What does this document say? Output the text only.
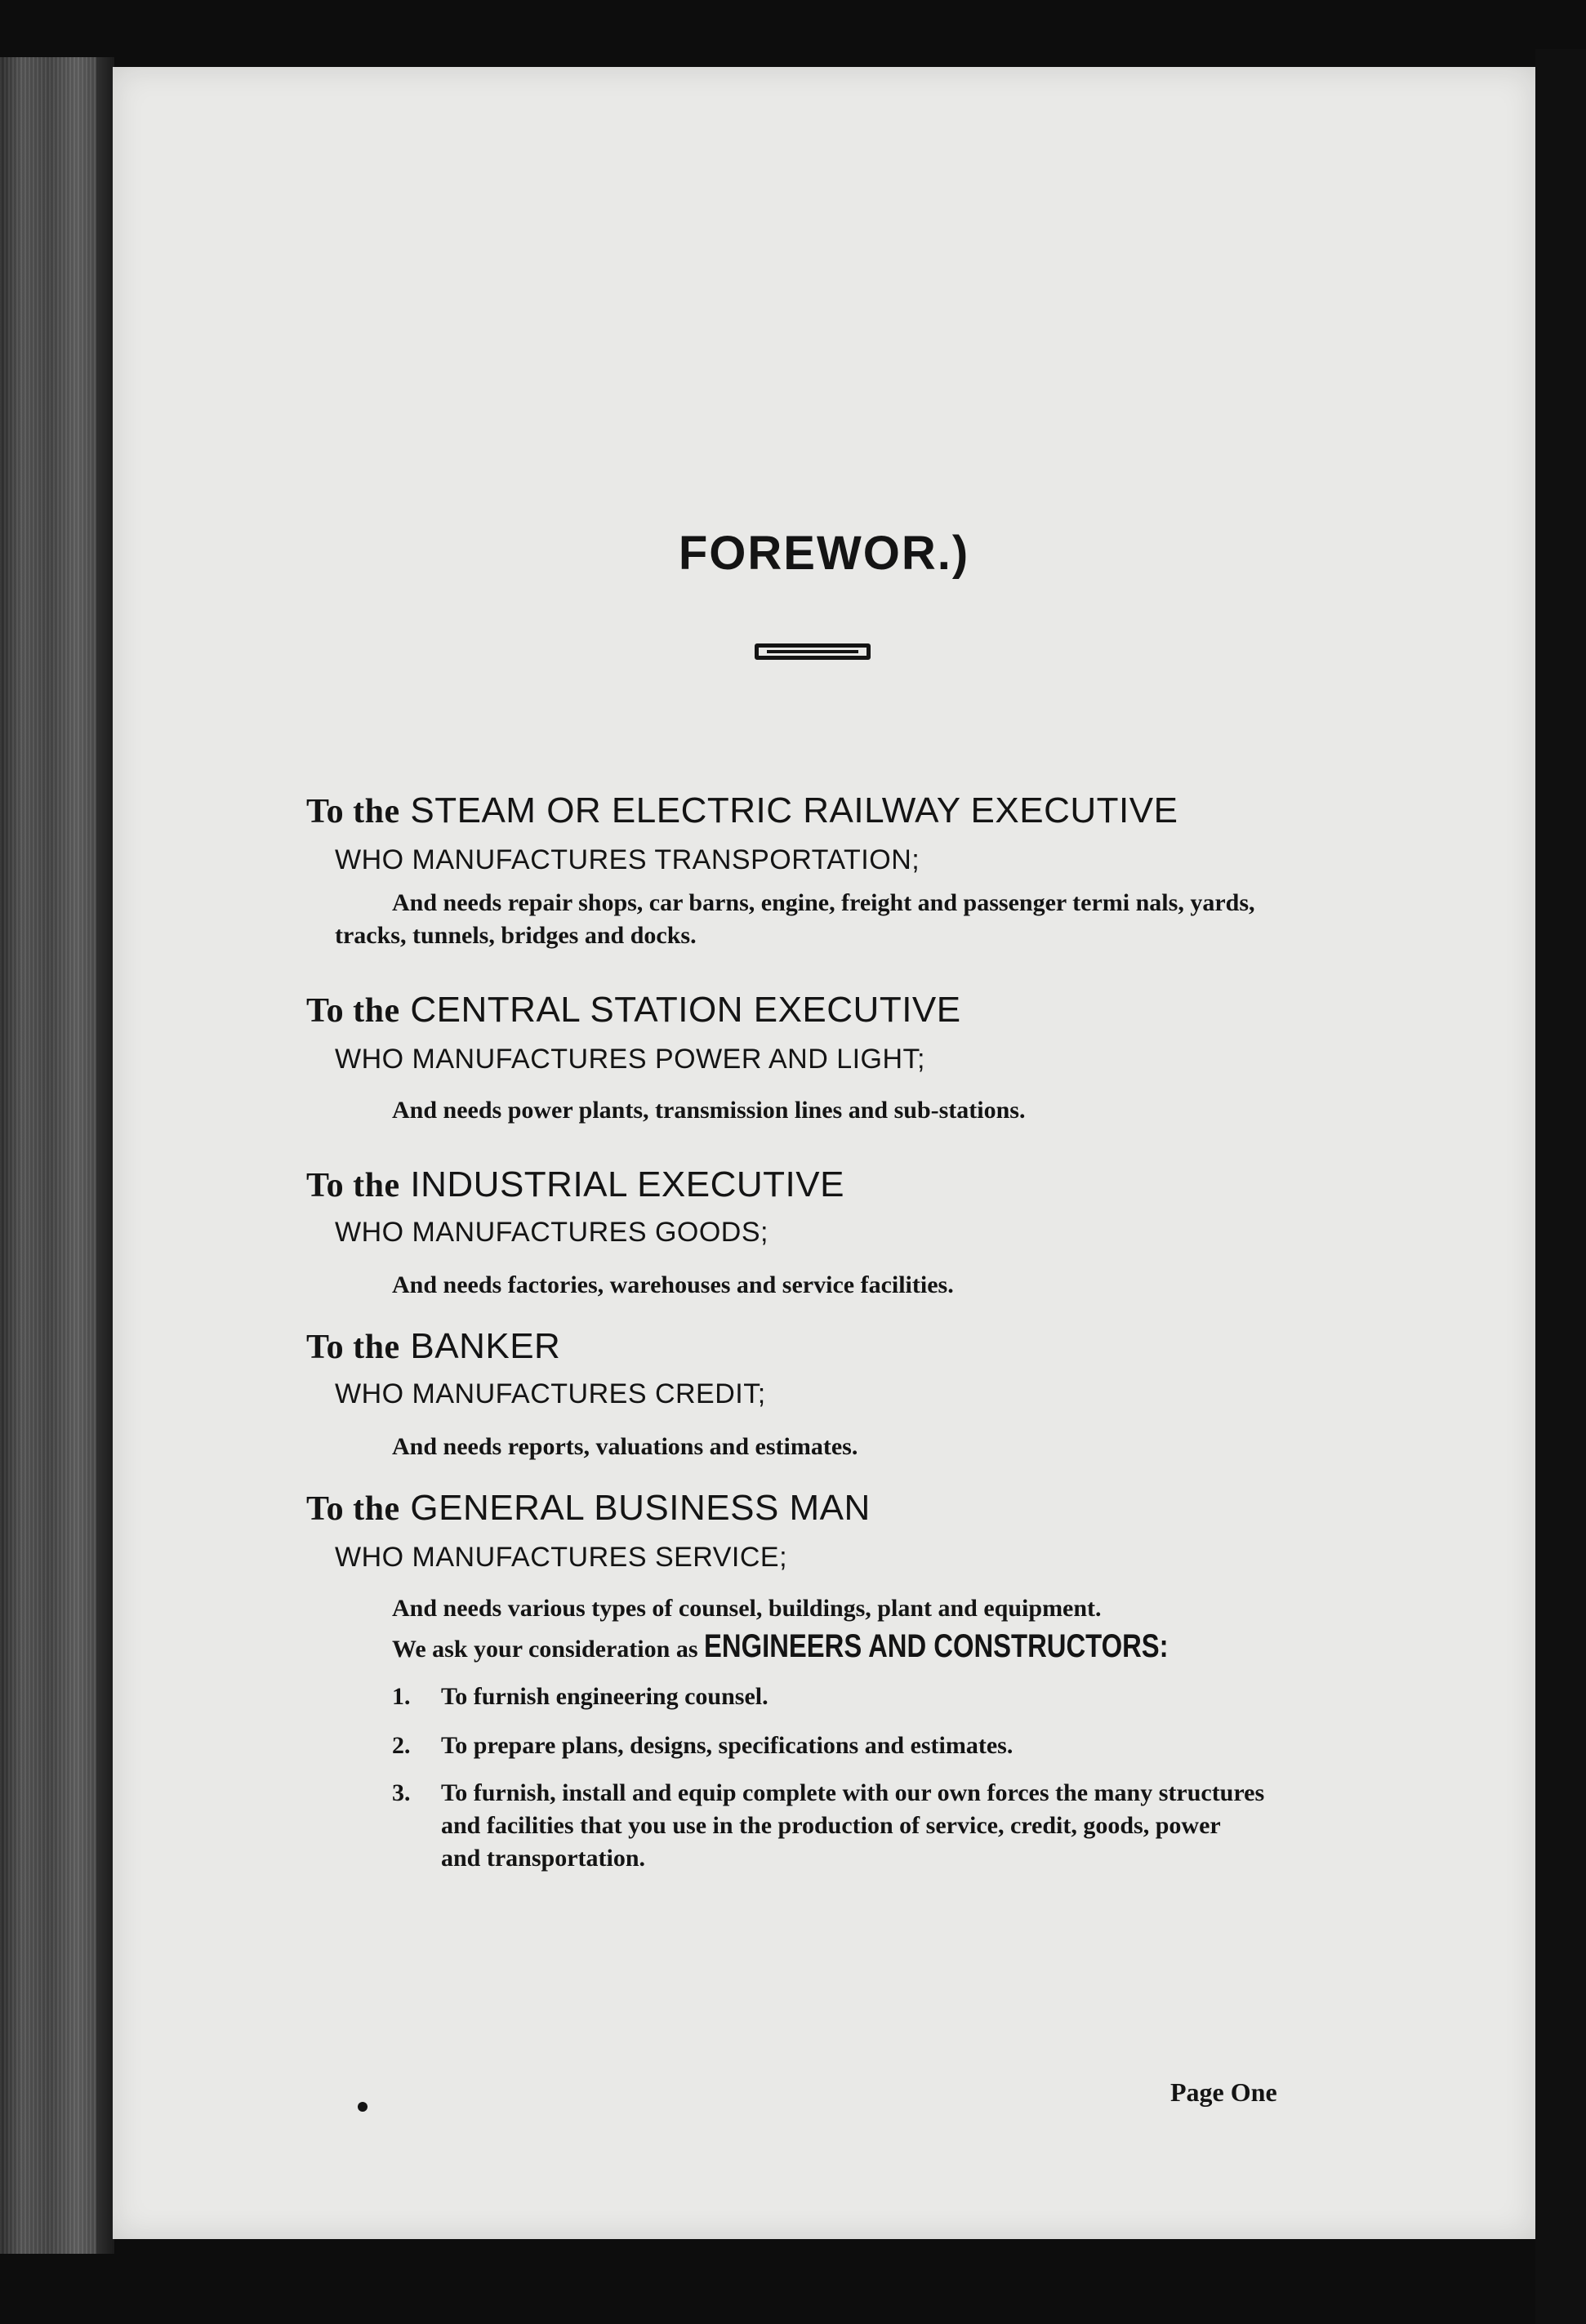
FOREWOR.)

To the STEAM OR ELECTRIC RAILWAY EXECUTIVE

WHO MANUFACTURES TRANSPORTATION;

And needs repair shops, car barns, engine, freight and passenger termi nals, yards, tracks, tunnels, bridges and docks.

To the CENTRAL STATION EXECUTIVE

WHO MANUFACTURES POWER AND LIGHT;

And needs power plants, transmission lines and sub-stations.

To the INDUSTRIAL EXECUTIVE

WHO MANUFACTURES GOODS;

And needs factories, warehouses and service facilities.

To the BANKER

WHO MANUFACTURES CREDIT;

And needs reports, valuations and estimates.

To the GENERAL BUSINESS MAN

WHO MANUFACTURES SERVICE;

And needs various types of counsel, buildings, plant and equipment.

We ask your consideration as ENGINEERS AND CONSTRUCTORS:

1.	To furnish engineering counsel.
2.	To prepare plans, designs, specifications and estimates.
3.	To furnish, install and equip complete with our own forces the many structures and facilities that you use in the production of service, credit, goods, power and transportation.

Page One
